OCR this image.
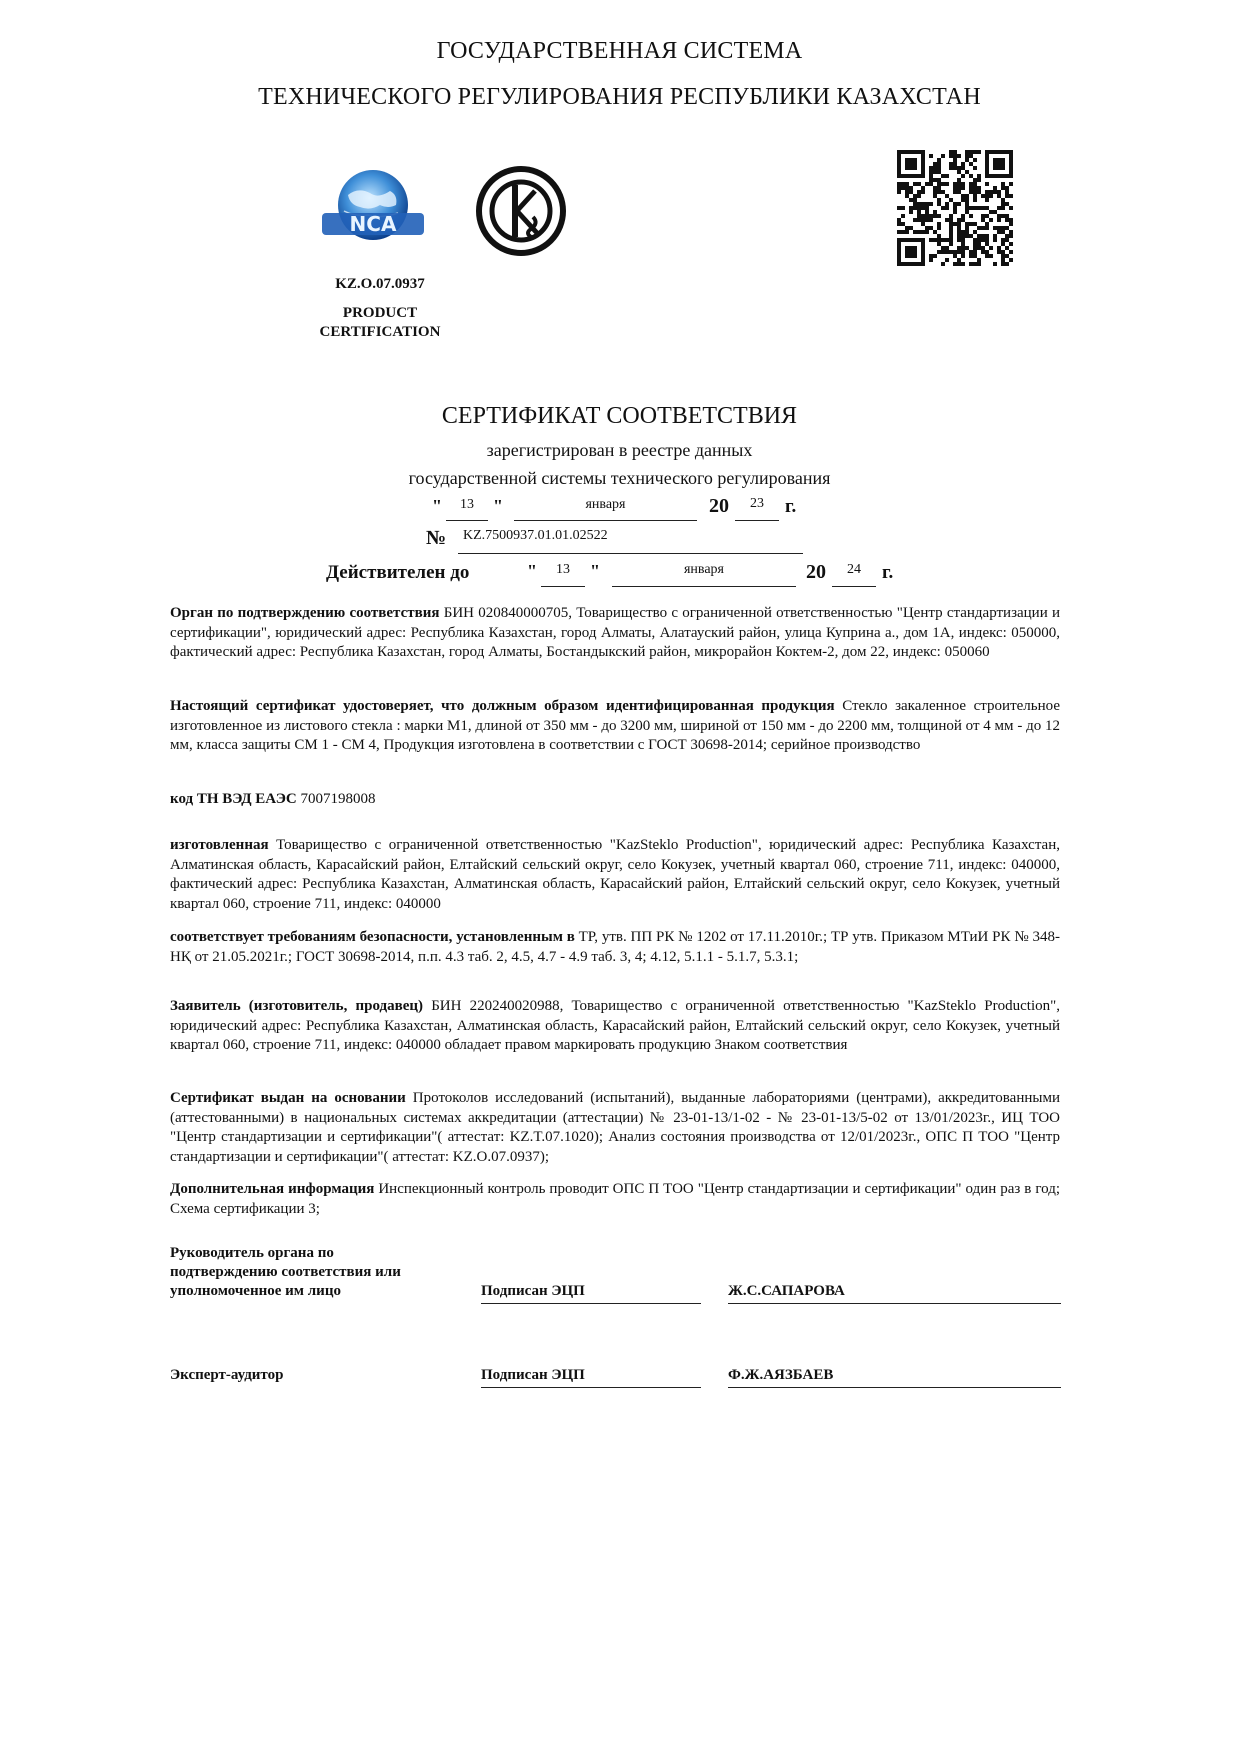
ГОСУДАРСТВЕННАЯ СИСТЕМА
ТЕХНИЧЕСКОГО РЕГУЛИРОВАНИЯ РЕСПУБЛИКИ КАЗАХСТАН
NCA
KZ.O.07.0937
PRODUCT
CERTIFICATION
СЕРТИФИКАТ СООТВЕТСТВИЯ
зарегистрирован в реестре данных
государственной системы технического регулирования
"	13	"	января	20	23	г.
№ KZ.7500937.01.01.02522
Действителен до	"	13	"	января	20	24	г.
Орган по подтверждению соответствия БИН 020840000705, Товарищество с ограниченной ответственностью "Центр стандартизации и сертификации", юридический адрес: Республика Казахстан, город Алматы, Алатауский район, улица Куприна а., дом 1А, индекс: 050000, фактический адрес: Республика Казахстан, город Алматы, Бостандыкский район, микрорайон Коктем-2, дом 22, индекс: 050060
Настоящий сертификат удостоверяет, что должным образом идентифицированная продукция Стекло закаленное строительное изготовленное из листового стекла : марки М1, длиной от 350 мм - до 3200 мм, шириной от 150 мм - до 2200 мм, толщиной от 4 мм - до 12 мм, класса защиты СМ 1 - СМ 4, Продукция изготовлена в соответствии с ГОСТ 30698-2014; серийное производство
код ТН ВЭД ЕАЭС 7007198008
изготовленная Товарищество с ограниченной ответственностью "KazSteklo Production", юридический адрес: Республика Казахстан, Алматинская область, Карасайский район, Елтайский сельский округ, село Кокузек, учетный квартал 060, строение 711, индекс: 040000, фактический адрес: Республика Казахстан, Алматинская область, Карасайский район, Елтайский сельский округ, село Кокузек, учетный квартал 060, строение 711, индекс: 040000
соответствует требованиям безопасности, установленным в ТР, утв. ПП РК № 1202 от 17.11.2010г.; ТР утв. Приказом МТиИ РК № 348-НҚ от 21.05.2021г.; ГОСТ 30698-2014, п.п. 4.3 таб. 2, 4.5, 4.7 - 4.9 таб. 3, 4; 4.12, 5.1.1 - 5.1.7, 5.3.1;
Заявитель (изготовитель, продавец) БИН 220240020988, Товарищество с ограниченной ответственностью "KazSteklo Production", юридический адрес: Республика Казахстан, Алматинская область, Карасайский район, Елтайский сельский округ, село Кокузек, учетный квартал 060, строение 711, индекс: 040000 обладает правом маркировать продукцию Знаком соответствия
Сертификат выдан на основании Протоколов исследований (испытаний), выданные лабораториями (центрами), аккредитованными (аттестованными) в национальных системах аккредитации (аттестации) № 23-01-13/1-02 - № 23-01-13/5-02 от 13/01/2023г., ИЦ ТОО "Центр стандартизации и сертификации"( аттестат: KZ.T.07.1020); Анализ состояния производства от 12/01/2023г., ОПС П ТОО "Центр стандартизации и сертификации"( аттестат: KZ.O.07.0937);
Дополнительная информация Инспекционный контроль проводит ОПС П ТОО "Центр стандартизации и сертификации" один раз в год; Схема сертификации 3;
Руководитель органа по
подтверждению соответствия или
уполномоченное им лицо	Подписан ЭЦП	Ж.С.САПАРОВА
Эксперт-аудитор	Подписан ЭЦП	Ф.Ж.АЯЗБАЕВ
